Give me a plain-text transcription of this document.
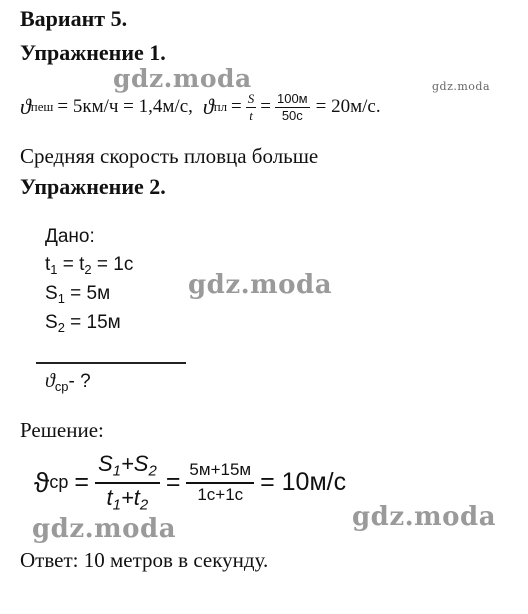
Вариант 5.
Упражнение 1.
gdz.moda	gdz.moda
ϑ пеш = 5км/ч = 1,4м/с, ϑ пл = $\frac{S}{t} = \frac{100м}{50с} = 20м/с$.
Средняя скорость пловца больше
Упражнение 2.
Дано:
$t_1 = t_2 = 1с$
$S_1 = 5м$
$S_2 = 15м$
gdz.moda
$ϑ_{ср}-$ ?
Решение:
ϑ ср = $\frac{S_1+S_2}{t_1+t_2} = \frac{5м+15м}{1с+1с} = 10м/с$
gdz.moda	gdz.moda
Ответ: 10 метров в секунду.
